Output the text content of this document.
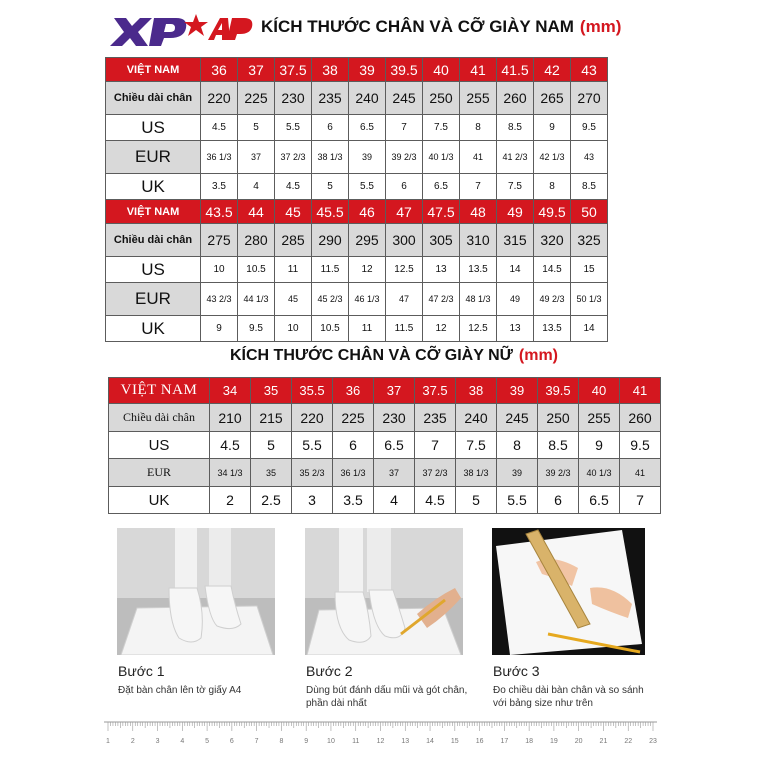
KÍCH THƯỚC CHÂN VÀ CỠ GIÀY NAM (mm)
VIỆT NAM	36	37	37.5	38	39	39.5	40	41	41.5	42	43
Chiều dài chân	220	225	230	235	240	245	250	255	260	265	270
US	4.5	5	5.5	6	6.5	7	7.5	8	8.5	9	9.5
EUR	36 1/3	37	37 2/3	38 1/3	39	39 2/3	40 1/3	41	41 2/3	42 1/3	43
UK	3.5	4	4.5	5	5.5	6	6.5	7	7.5	8	8.5
VIỆT NAM	43.5	44	45	45.5	46	47	47.5	48	49	49.5	50
Chiều dài chân	275	280	285	290	295	300	305	310	315	320	325
US	10	10.5	11	11.5	12	12.5	13	13.5	14	14.5	15
EUR	43 2/3	44 1/3	45	45 2/3	46 1/3	47	47 2/3	48 1/3	49	49 2/3	50 1/3
UK	9	9.5	10	10.5	11	11.5	12	12.5	13	13.5	14
KÍCH THƯỚC CHÂN VÀ CỠ GIÀY NỮ (mm)
VIỆT NAM	34	35	35.5	36	37	37.5	38	39	39.5	40	41
Chiều dài chân	210	215	220	225	230	235	240	245	250	255	260
US	4.5	5	5.5	6	6.5	7	7.5	8	8.5	9	9.5
EUR	34 1/3	35	35 2/3	36 1/3	37	37 2/3	38 1/3	39	39 2/3	40 1/3	41
UK	2	2.5	3	3.5	4	4.5	5	5.5	6	6.5	7
Bước 1
Đặt bàn chân lên tờ giấy A4
Bước 2
Dùng bút đánh dấu mũi và gót chân, phần dài nhất
Bước 3
Đo chiều dài bàn chân và so sánh với bảng size như trên
1	2	3	4	5	6	7	8	9	10 11 12 13 14 15 16 17 18 19 20 21 22 23
